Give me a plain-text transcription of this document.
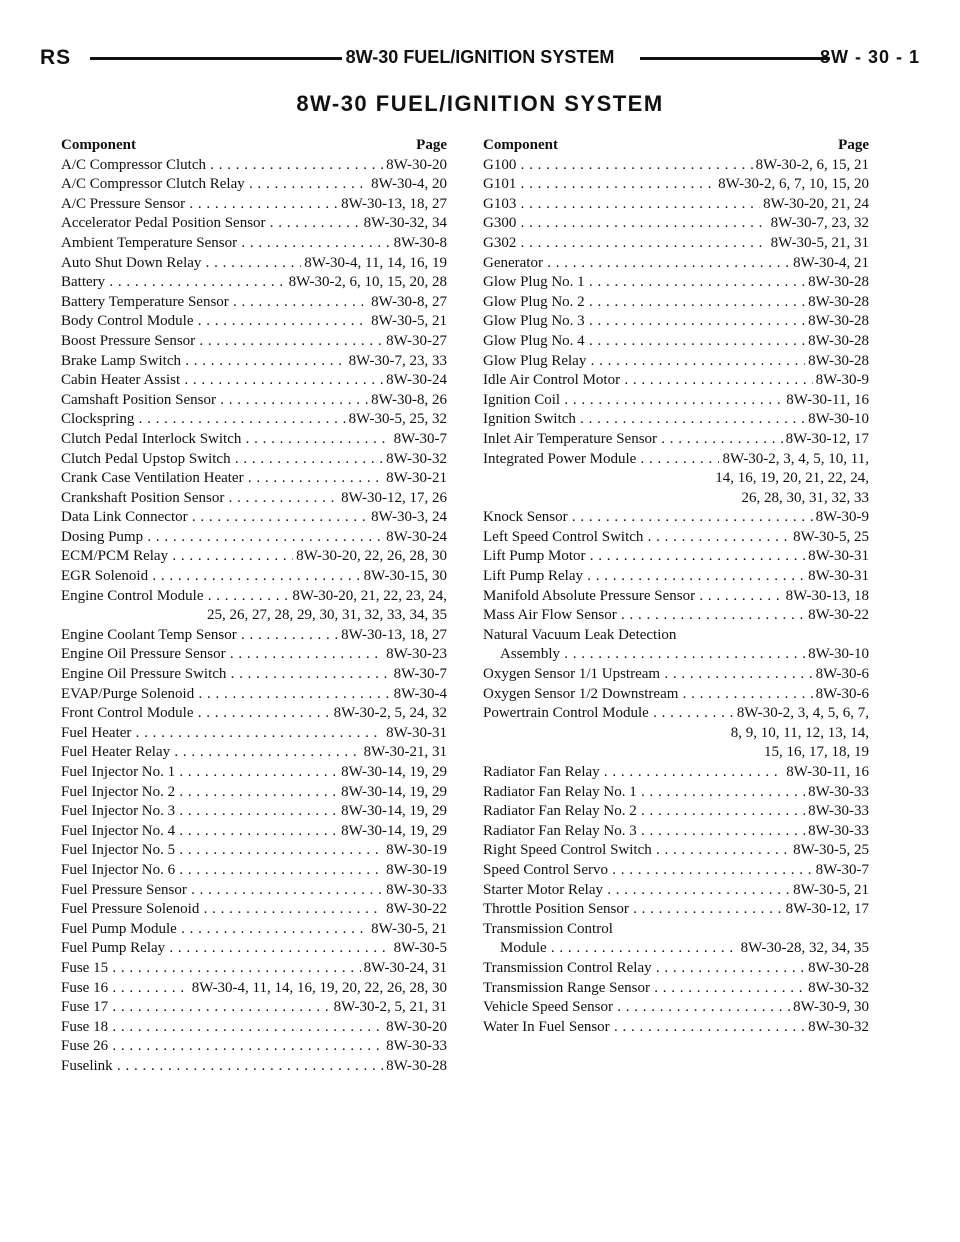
RS	8W-30 FUEL/IGNITION SYSTEM	8W - 30 - 1
8W-30 FUEL/IGNITION SYSTEM
Component	Page
A/C Compressor Clutch . . .	8W-30-20
A/C Compressor Clutch Relay . . .	8W-30-4, 20
A/C Pressure Sensor . . .	8W-30-13, 18, 27
Accelerator Pedal Position Sensor . . .	8W-30-32, 34
Ambient Temperature Sensor . . .	8W-30-8
Auto Shut Down Relay . . .	8W-30-4, 11, 14, 16, 19
Battery . . .	8W-30-2, 6, 10, 15, 20, 28
Battery Temperature Sensor . . .	8W-30-8, 27
Body Control Module . . .	8W-30-5, 21
Boost Pressure Sensor . . .	8W-30-27
Brake Lamp Switch . . .	8W-30-7, 23, 33
Cabin Heater Assist . . .	8W-30-24
Camshaft Position Sensor . . .	8W-30-8, 26
Clockspring . . .	8W-30-5, 25, 32
Clutch Pedal Interlock Switch . . .	8W-30-7
Clutch Pedal Upstop Switch . . .	8W-30-32
Crank Case Ventilation Heater . . .	8W-30-21
Crankshaft Position Sensor . . .	8W-30-12, 17, 26
Data Link Connector . . .	8W-30-3, 24
Dosing Pump . . .	8W-30-24
ECM/PCM Relay . . .	8W-30-20, 22, 26, 28, 30
EGR Solenoid . . .	8W-30-15, 30
Engine Control Module . . .	8W-30-20, 21, 22, 23, 24,
25, 26, 27, 28, 29, 30, 31, 32, 33, 34, 35
Engine Coolant Temp Sensor . . .	8W-30-13, 18, 27
Engine Oil Pressure Sensor . . .	8W-30-23
Engine Oil Pressure Switch . . .	8W-30-7
EVAP/Purge Solenoid . . .	8W-30-4
Front Control Module . . .	8W-30-2, 5, 24, 32
Fuel Heater . . .	8W-30-31
Fuel Heater Relay . . .	8W-30-21, 31
Fuel Injector No. 1 . . .	8W-30-14, 19, 29
Fuel Injector No. 2 . . .	8W-30-14, 19, 29
Fuel Injector No. 3 . . .	8W-30-14, 19, 29
Fuel Injector No. 4 . . .	8W-30-14, 19, 29
Fuel Injector No. 5 . . .	8W-30-19
Fuel Injector No. 6 . . .	8W-30-19
Fuel Pressure Sensor . . .	8W-30-33
Fuel Pressure Solenoid . . .	8W-30-22
Fuel Pump Module . . .	8W-30-5, 21
Fuel Pump Relay . . .	8W-30-5
Fuse 15 . . .	8W-30-24, 31
Fuse 16 . . .	8W-30-4, 11, 14, 16, 19, 20, 22, 26, 28, 30
Fuse 17 . . .	8W-30-2, 5, 21, 31
Fuse 18 . . .	8W-30-20
Fuse 26 . . .	8W-30-33
Fuselink . . .	8W-30-28
Component	Page
G100 . . .	8W-30-2, 6, 15, 21
G101 . . .	8W-30-2, 6, 7, 10, 15, 20
G103 . . .	8W-30-20, 21, 24
G300 . . .	8W-30-7, 23, 32
G302 . . .	8W-30-5, 21, 31
Generator . . .	8W-30-4, 21
Glow Plug No. 1 . . .	8W-30-28
Glow Plug No. 2 . . .	8W-30-28
Glow Plug No. 3 . . .	8W-30-28
Glow Plug No. 4 . . .	8W-30-28
Glow Plug Relay . . .	8W-30-28
Idle Air Control Motor . . .	8W-30-9
Ignition Coil . . .	8W-30-11, 16
Ignition Switch . . .	8W-30-10
Inlet Air Temperature Sensor . . .	8W-30-12, 17
Integrated Power Module . . .	8W-30-2, 3, 4, 5, 10, 11,
14, 16, 19, 20, 21, 22, 24,
26, 28, 30, 31, 32, 33
Knock Sensor . . .	8W-30-9
Left Speed Control Switch . . .	8W-30-5, 25
Lift Pump Motor . . .	8W-30-31
Lift Pump Relay . . .	8W-30-31
Manifold Absolute Pressure Sensor . . .	8W-30-13, 18
Mass Air Flow Sensor . . .	8W-30-22
Natural Vacuum Leak Detection
Assembly . . .	8W-30-10
Oxygen Sensor 1/1 Upstream . . .	8W-30-6
Oxygen Sensor 1/2 Downstream . . .	8W-30-6
Powertrain Control Module . . .	8W-30-2, 3, 4, 5, 6, 7,
8, 9, 10, 11, 12, 13, 14,
15, 16, 17, 18, 19
Radiator Fan Relay . . .	8W-30-11, 16
Radiator Fan Relay No. 1 . . .	8W-30-33
Radiator Fan Relay No. 2 . . .	8W-30-33
Radiator Fan Relay No. 3 . . .	8W-30-33
Right Speed Control Switch . . .	8W-30-5, 25
Speed Control Servo . . .	8W-30-7
Starter Motor Relay . . .	8W-30-5, 21
Throttle Position Sensor . . .	8W-30-12, 17
Transmission Control
Module . . .	8W-30-28, 32, 34, 35
Transmission Control Relay . . .	8W-30-28
Transmission Range Sensor . . .	8W-30-32
Vehicle Speed Sensor . . .	8W-30-9, 30
Water In Fuel Sensor . . .	8W-30-32
